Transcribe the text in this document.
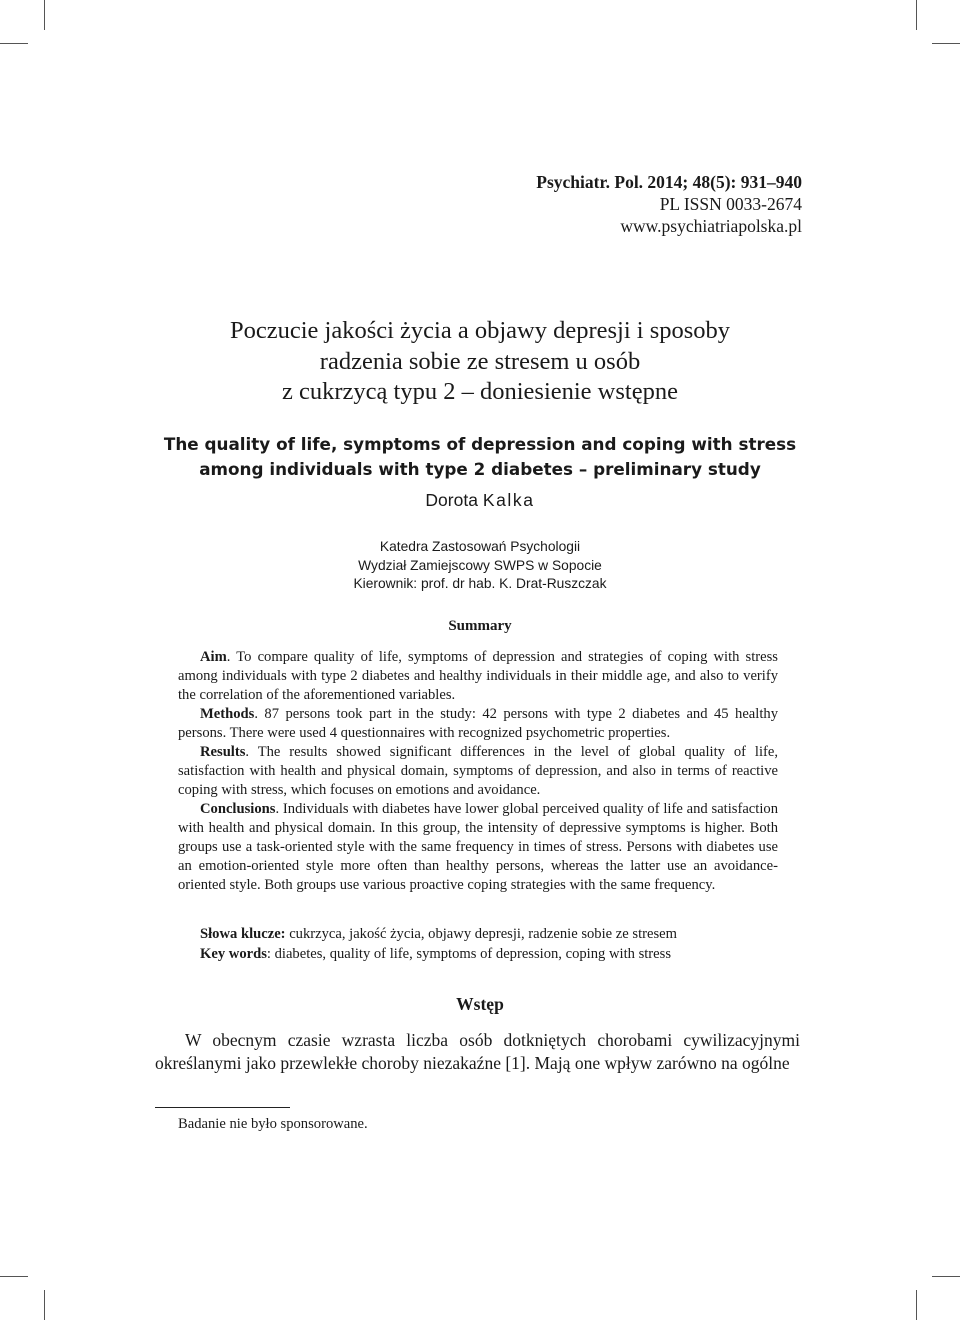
Psychiatr. Pol. 2014; 48(5): 931–940
PL ISSN 0033-2674
www.psychiatriapolska.pl
Poczucie jakości życia a objawy depresji i sposoby
radzenia sobie ze stresem u osób
z cukrzycą typu 2 – doniesienie wstępne
The quality of life, symptoms of depression and coping with stress
among individuals with type 2 diabetes – preliminary study
Dorota Kalka
Katedra Zastosowań Psychologii
Wydział Zamiejscowy SWPS w Sopocie
Kierownik: prof. dr hab. K. Drat-Ruszczak
Summary

Aim. To compare quality of life, symptoms of depression and strategies of coping with stress among individuals with type 2 diabetes and healthy individuals in their middle age, and also to verify the correlation of the aforementioned variables.

Methods. 87 persons took part in the study: 42 persons with type 2 diabetes and 45 healthy persons. There were used 4 questionnaires with recognized psychometric properties.

Results. The results showed significant differences in the level of global quality of life, satisfaction with health and physical domain, symptoms of depression, and also in terms of reactive coping with stress, which focuses on emotions and avoidance.

Conclusions. Individuals with diabetes have lower global perceived quality of life and satisfaction with health and physical domain. In this group, the intensity of depressive symptoms is higher. Both groups use a task-oriented style with the same frequency in times of stress. Persons with diabetes use an emotion-oriented style more often than healthy persons, whereas the latter use an avoidance-oriented style. Both groups use various proactive coping strategies with the same frequency.

Słowa klucze: cukrzyca, jakość życia, objawy depresji, radzenie sobie ze stresem
Key words: diabetes, quality of life, symptoms of depression, coping with stress
Wstęp

W obecnym czasie wzrasta liczba osób dotkniętych chorobami cywilizacyjnymi określanymi jako przewlekłe choroby niezakaźne [1]. Mają one wpływ zarówno na ogólne

Badanie nie było sponsorowane.
